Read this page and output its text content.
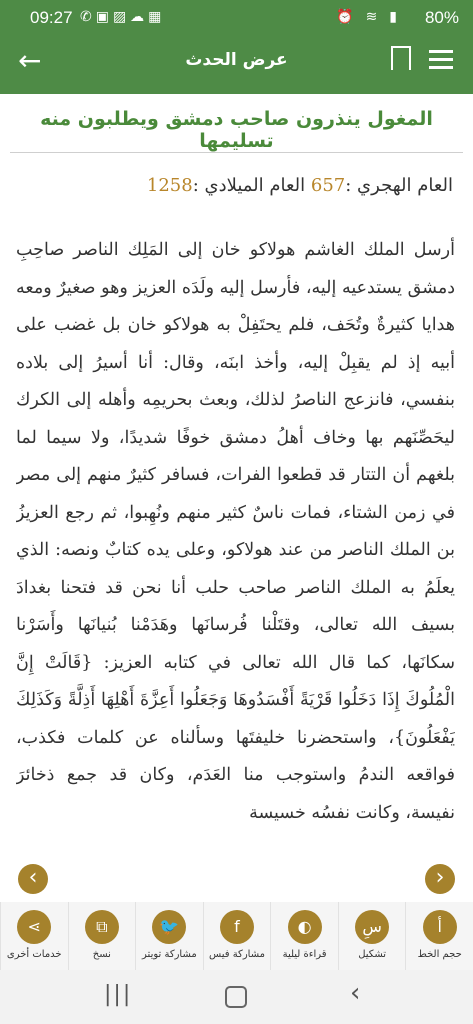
09:27 ✆▣▨☁▦	⏰ ≋ ▮ 80%
←	عرض الحدث
المغول ينذرون صاحب دمشق ويطلبون منه تسليمها
العام الهجري :657 العام الميلادي :1258
أرسل الملك الغاشم هولاكو خان إلى المَلِك الناصر صاحِبِ دمشق يستدعيه إليه، فأرسل إليه ولَدَه العزيز وهو صغيرٌ ومعه هدايا كثيرةٌ وتُحَف، فلم يحتَفِلْ به هولاكو خان بل غضب على أبيه إذ لم يقبِلْ إليه، وأخذ ابنَه، وقال: أنا أسيرُ إلى بلاده بنفسي، فانزعج الناصرُ لذلك، وبعث بحريمِه وأهله إلى الكرك ليحَصِّنَهم بها وخاف أهلُ دمشق خوفًا شديدًا، ولا سيما لما بلغهم أن التتار قد قطعوا الفرات، فسافر كثيرٌ منهم إلى مصر في زمن الشتاء، فمات ناسٌ كثير منهم ونُهِبوا، ثم رجع العزيزُ بن الملك الناصر من عند هولاكو، وعلى يده كتابٌ ونصه: الذي يعلَمُ به الملك الناصر صاحب حلب أنا نحن قد فتحنا بغدادَ بسيف الله تعالى، وقتَلْنا فُرسانَها وهَدَمْنا بُنيانَها وأَسَرْنا سكانَها، كما قال الله تعالى في كتابه العزيز: {قَالَتْ إِنَّ الْمُلُوكَ إِذَا دَخَلُوا قَرْيَةً أَفْسَدُوهَا وَجَعَلُوا أَعِزَّةَ أَهْلِهَا أَذِلَّةً وَكَذَلِكَ يَفْعَلُونَ}، واستحضرنا خليفتَها وسألناه عن كلمات فكذب، فواقعه الندمُ واستوجب منا العَدَم، وكان قد جمع ذخائرَ نفيسة، وكانت نفسُه خسيسة
‹	›
أ
حجم الخط
سِ
تشكيل
◐
قراءة ليلية
f
مشاركة فيس
🐦
مشاركة تويتر
⧉
نسخ
⋖
خدمات أخرى
|||	‹
